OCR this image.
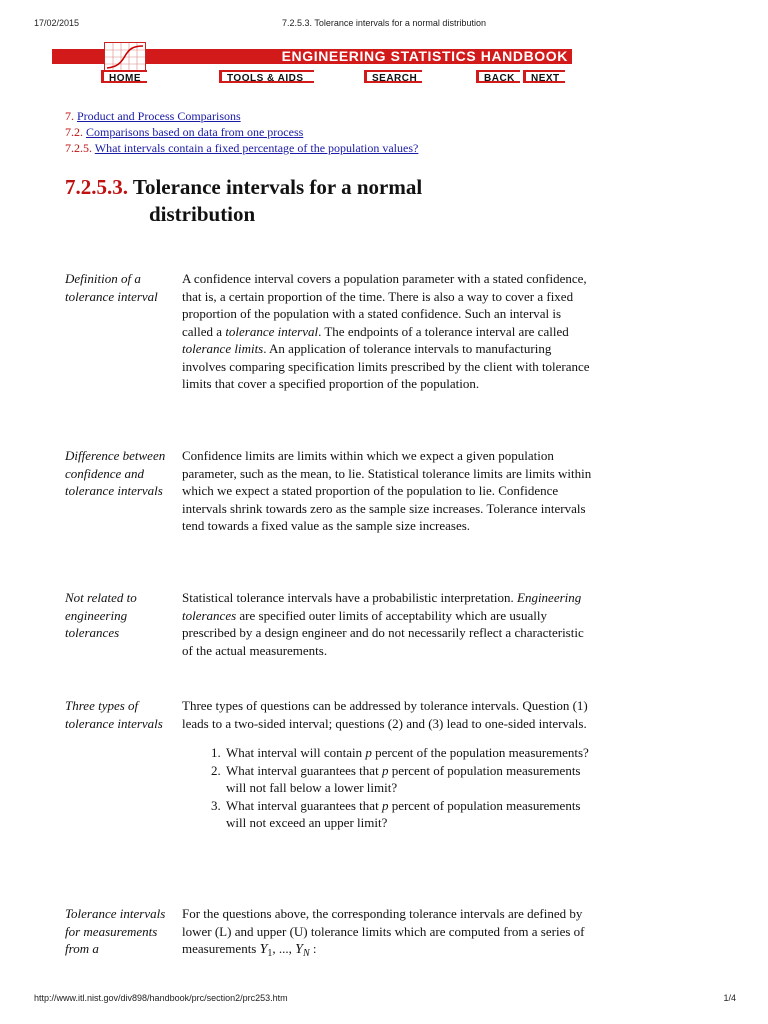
17/02/2015	7.2.5.3. Tolerance intervals for a normal distribution
ENGINEERING STATISTICS HANDBOOK
HOME	TOOLS & AIDS	SEARCH	BACK	NEXT
7. Product and Process Comparisons
7.2. Comparisons based on data from one process
7.2.5. What intervals contain a fixed percentage of the population values?
7.2.5.3. Tolerance intervals for a normal
distribution
Definition of a tolerance interval
A confidence interval covers a population parameter with a stated confidence, that is, a certain proportion of the time. There is also a way to cover a fixed proportion of the population with a stated confidence. Such an interval is called a tolerance interval. The endpoints of a tolerance interval are called tolerance limits. An application of tolerance intervals to manufacturing involves comparing specification limits prescribed by the client with tolerance limits that cover a specified proportion of the population.
Difference between confidence and tolerance intervals
Confidence limits are limits within which we expect a given population parameter, such as the mean, to lie. Statistical tolerance limits are limits within which we expect a stated proportion of the population to lie. Confidence intervals shrink towards zero as the sample size increases. Tolerance intervals tend towards a fixed value as the sample size increases.
Not related to engineering tolerances
Statistical tolerance intervals have a probabilistic interpretation. Engineering tolerances are specified outer limits of acceptability which are usually prescribed by a design engineer and do not necessarily reflect a characteristic of the actual measurements.
Three types of tolerance intervals
Three types of questions can be addressed by tolerance intervals. Question (1) leads to a two-sided interval; questions (2) and (3) lead to one-sided intervals.
1. What interval will contain p percent of the population measurements?
2. What interval guarantees that p percent of population measurements will not fall below a lower limit?
3. What interval guarantees that p percent of population measurements will not exceed an upper limit?
Tolerance intervals for measurements from a
For the questions above, the corresponding tolerance intervals are defined by lower (L) and upper (U) tolerance limits which are computed from a series of measurements $Y_1$, ..., $Y_N$ :
http://www.itl.nist.gov/div898/handbook/prc/section2/prc253.htm	1/4
